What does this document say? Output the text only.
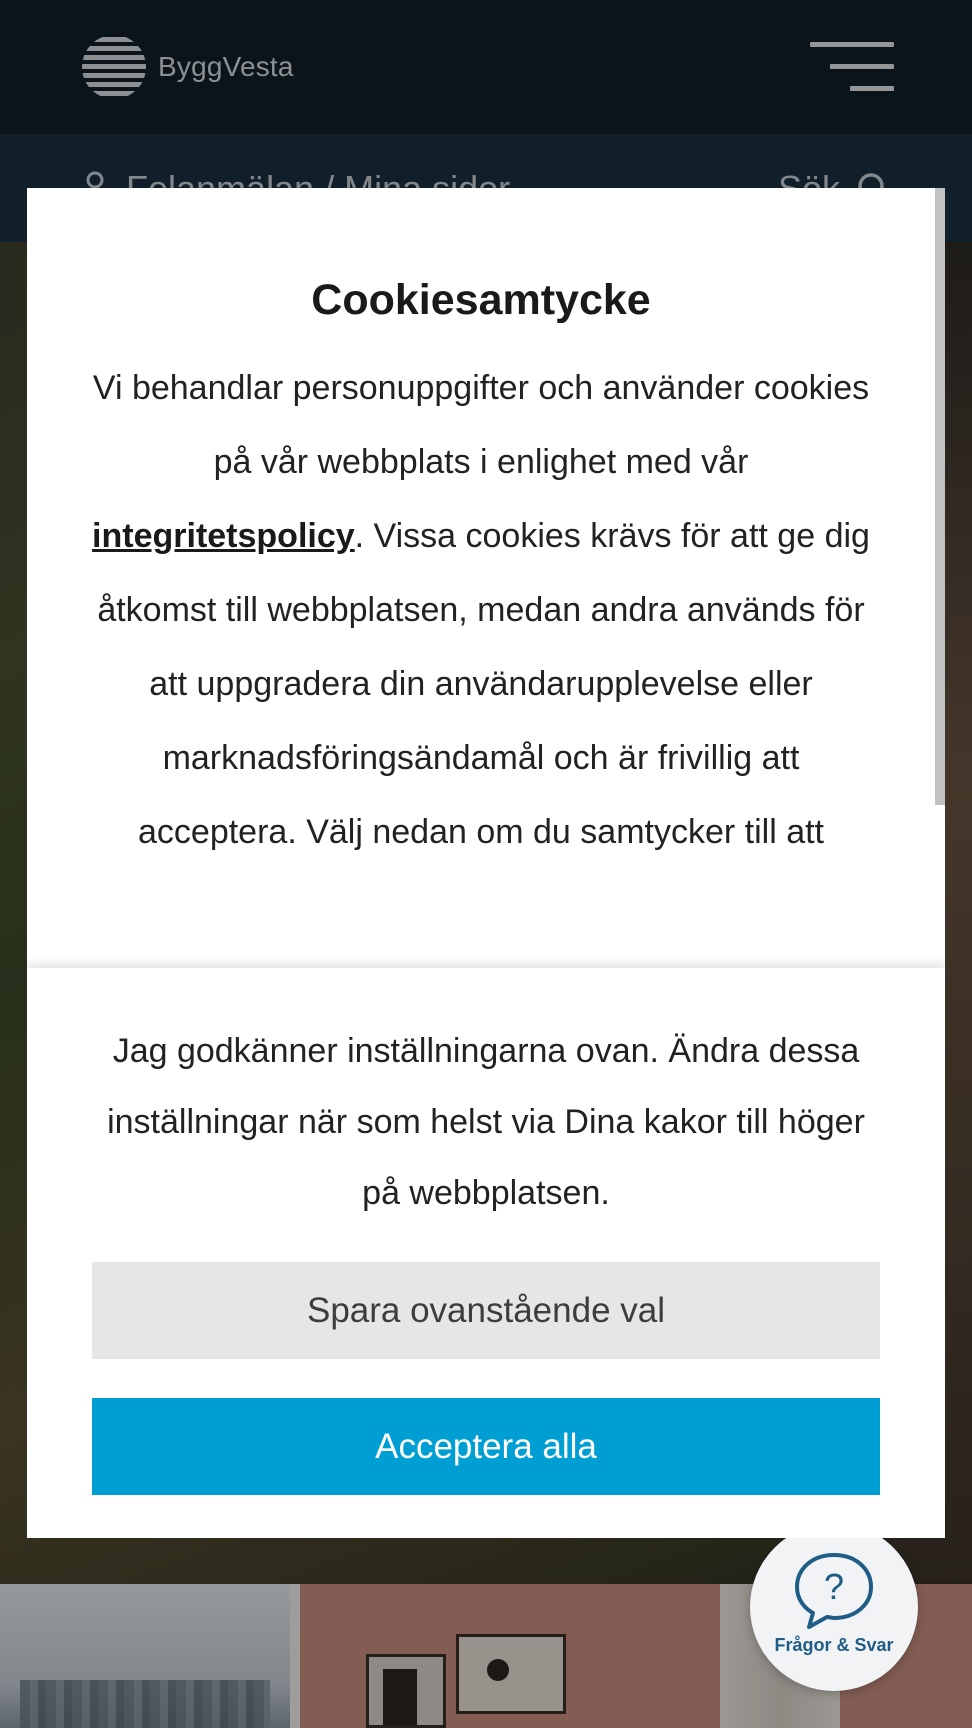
ByggVesta
?
Frågor & Svar
Cookiesamtycke

Vi behandlar personuppgifter och använder cookies på vår webbplats i enlighet med vår integritetspolicy. Vissa cookies krävs för att ge dig åtkomst till webbplatsen, medan andra används för att uppgradera din användarupplevelse eller marknadsföringsändamål och är frivillig att acceptera. Välj nedan om du samtycker till att

Jag godkänner inställningarna ovan. Ändra dessa inställningar när som helst via Dina kakor till höger på webbplatsen.

Spara ovanstående val
Acceptera alla
